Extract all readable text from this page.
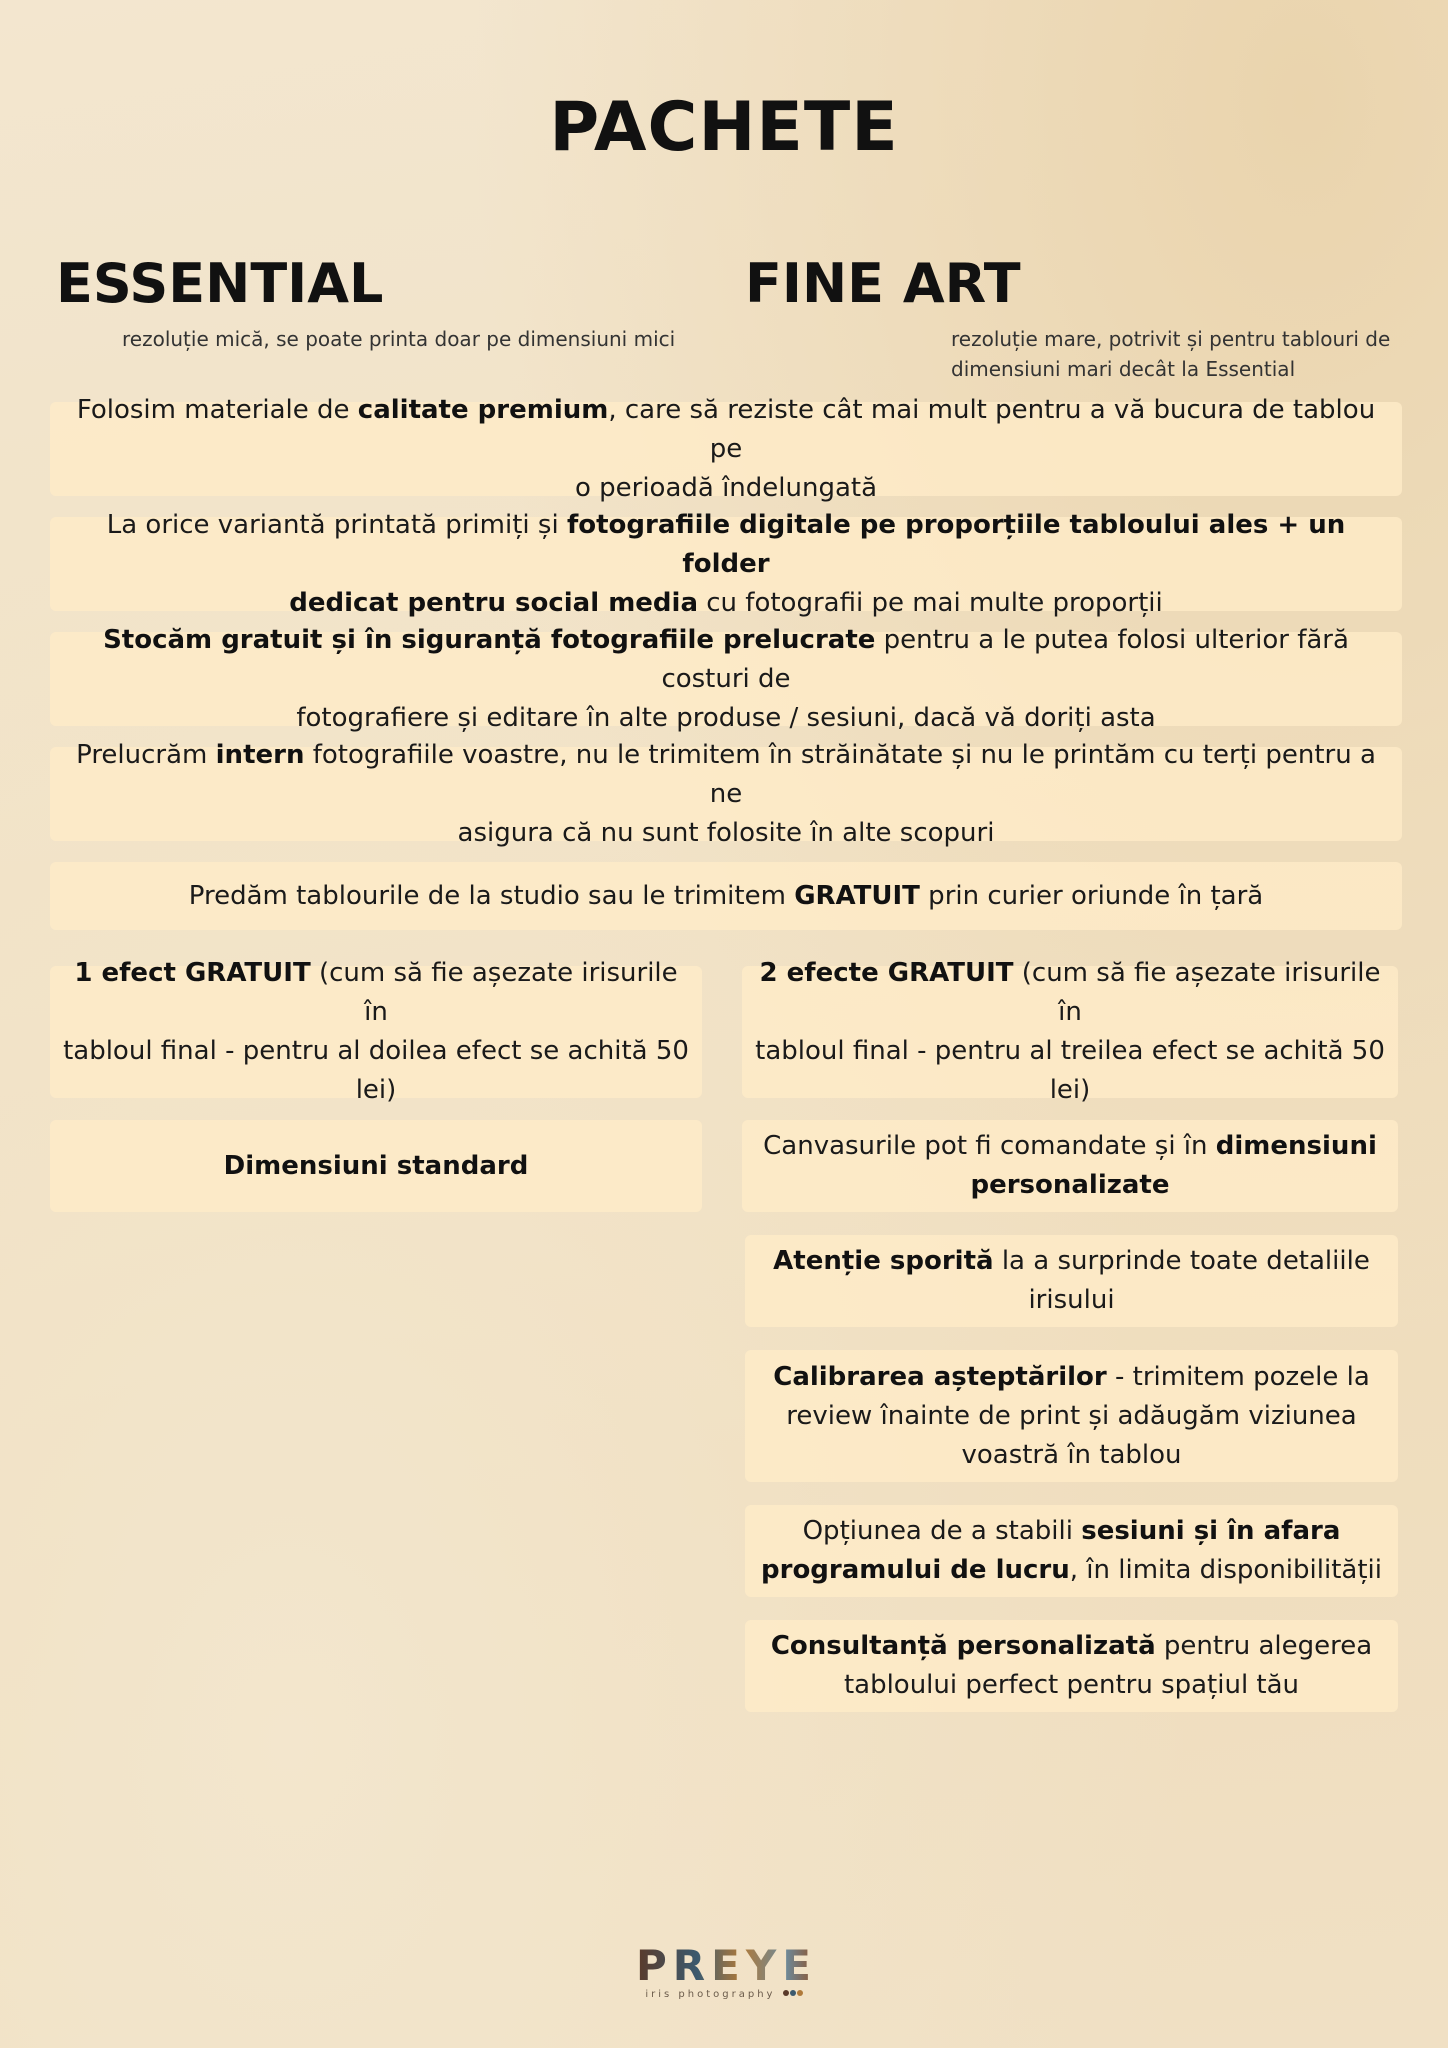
PACHETE
ESSENTIAL
rezoluție mică, se poate printa doar pe dimensiuni mici
FINE ART
rezoluție mare, potrivit și pentru tablouri de dimensiuni mari decât la Essential
Folosim materiale de calitate premium, care să reziste cât mai mult pentru a vă bucura de tablou pe
o perioadă îndelungată
La orice variantă printată primiți și fotografiile digitale pe proporțiile tabloului ales + un folder
dedicat pentru social media cu fotografii pe mai multe proporții
Stocăm gratuit și în siguranță fotografiile prelucrate pentru a le putea folosi ulterior fără costuri de
fotografiere și editare în alte produse / sesiuni, dacă vă doriți asta
Prelucrăm intern fotografiile voastre, nu le trimitem în străinătate și nu le printăm cu terți pentru a ne
asigura că nu sunt folosite în alte scopuri
Predăm tablourile de la studio sau le trimitem GRATUIT prin curier oriunde în țară
1 efect GRATUIT (cum să fie așezate irisurile în
tabloul final - pentru al doilea efect se achită 50
lei)
Dimensiuni standard
2 efecte GRATUIT (cum să fie așezate irisurile în
tabloul final - pentru al treilea efect se achită 50
lei)
Canvasurile pot fi comandate și în dimensiuni
personalizate
Atenție sporită la a surprinde toate detaliile
irisului
Calibrarea așteptărilor - trimitem pozele la
review înainte de print și adăugăm viziunea
voastră în tablou
Opțiunea de a stabili sesiuni și în afara
programului de lucru, în limita disponibilității
Consultanță personalizată pentru alegerea
tabloului perfect pentru spațiul tău
PREYE
iris photography
